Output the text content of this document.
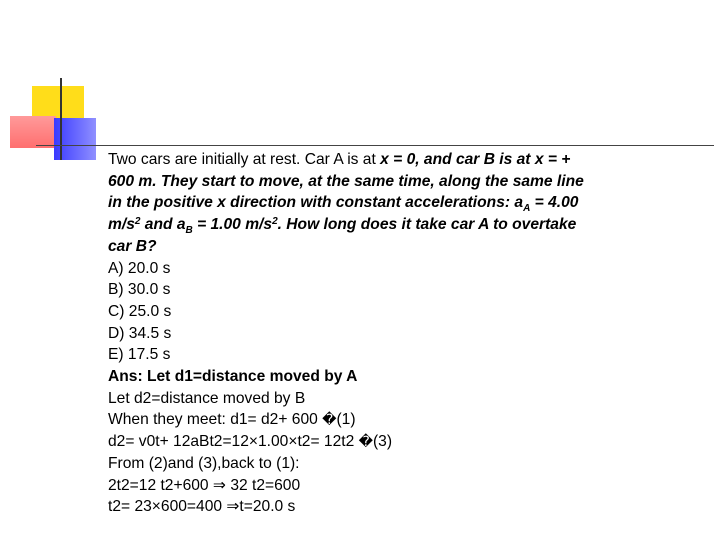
Two cars are initially at rest. Car A is at x = 0, and car B is at x = +
600 m. They start to move, at the same time, along the same line
in the positive x direction with constant accelerations: $a_A = 4.00$
$m/s^2$ and $a_B = 1.00$ $m/s^2$. How long does it take car A to overtake
car B?
A) 20.0 s
B) 30.0 s
C) 25.0 s
D) 34.5 s
E) 17.5 s
Ans: Let d1=distance moved by A
Let d2=distance moved by B
When they meet: d1= d2+ 600 �(1)
d2= v0t+ 12aBt2=12×1.00×t2= 12t2 �(3)
From (2)and (3),back to (1):
2t2=12 t2+600 ⇒ 32 t2=600
t2= 23×600=400 ⇒t=20.0 s
